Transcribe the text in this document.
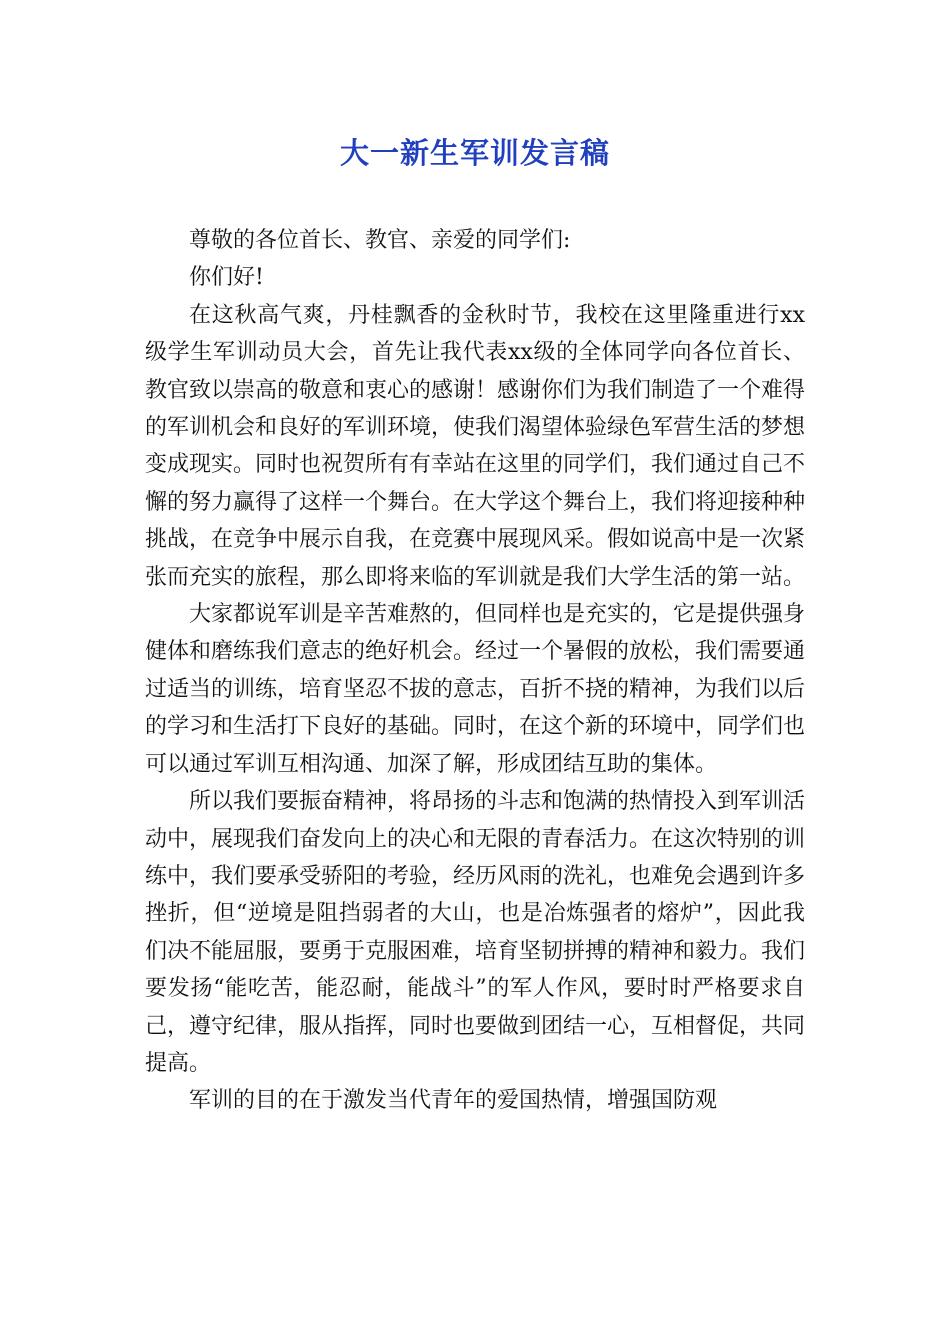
大一新生军训发言稿

尊敬的各位首长、教官、亲爱的同学们:

你们好!

在这秋高气爽，丹桂飘香的金秋时节，我校在这里隆重进行xx级学生军训动员大会，首先让我代表xx级的全体同学向各位首长、教官致以崇高的敬意和衷心的感谢！感谢你们为我们制造了一个难得的军训机会和良好的军训环境，使我们渴望体验绿色军营生活的梦想变成现实。同时也祝贺所有有幸站在这里的同学们，我们通过自己不懈的努力赢得了这样一个舞台。在大学这个舞台上，我们将迎接种种挑战，在竞争中展示自我，在竞赛中展现风采。假如说高中是一次紧张而充实的旅程，那么即将来临的军训就是我们大学生活的第一站。

大家都说军训是辛苦难熬的，但同样也是充实的，它是提供强身健体和磨练我们意志的绝好机会。经过一个暑假的放松，我们需要通过适当的训练，培育坚忍不拔的意志，百折不挠的精神，为我们以后的学习和生活打下良好的基础。同时，在这个新的环境中，同学们也可以通过军训互相沟通、加深了解，形成团结互助的集体。

所以我们要振奋精神，将昂扬的斗志和饱满的热情投入到军训活动中，展现我们奋发向上的决心和无限的青春活力。在这次特别的训练中，我们要承受骄阳的考验，经历风雨的洗礼，也难免会遇到许多挫折，但“逆境是阻挡弱者的大山，也是冶炼强者的熔炉”，因此我们决不能屈服，要勇于克服困难，培育坚韧拼搏的精神和毅力。我们要发扬“能吃苦，能忍耐，能战斗”的军人作风，要时时严格要求自己，遵守纪律，服从指挥，同时也要做到团结一心，互相督促，共同提高。

军训的目的在于激发当代青年的爱国热情，增强国防观
